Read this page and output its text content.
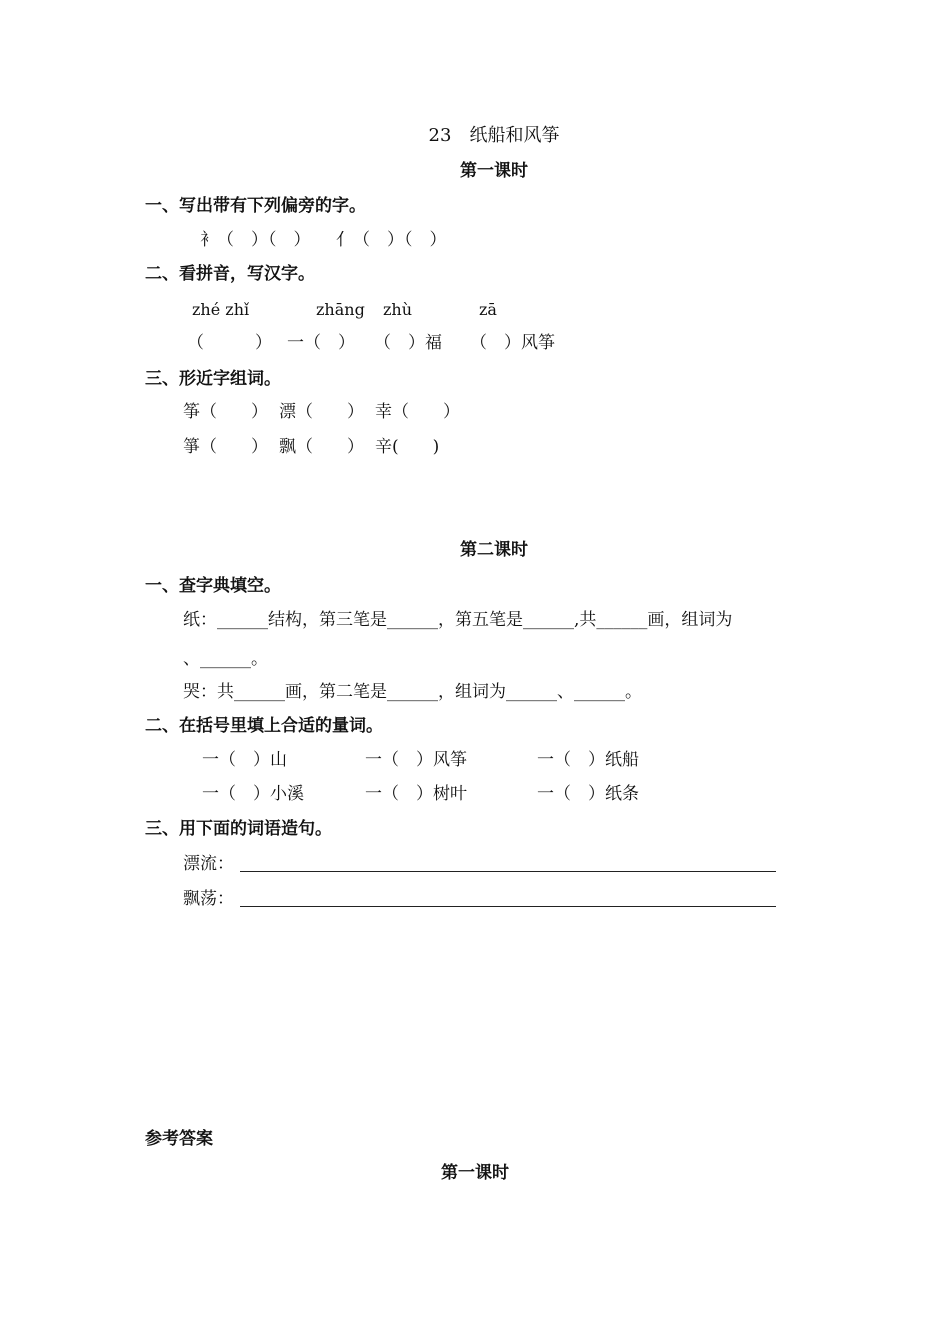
23　纸船和风筝
第一课时
一、写出带有下列偏旁的字。
衤（　）（　）　　亻（　）（　）
二、看拼音，写汉字。
zhé zhǐ	zhāng zhù	zā
（　　　） 一（　） （　）福 （　）风筝
三、形近字组词。
筝（　　） 漂（　　） 幸（　　）
箏（　　） 飘（　　） 辛(　　)
第二课时
一、查字典填空。
纸：______结构，第三笔是______，第五笔是______,共______画，组词为
、______。
哭：共______画，第二笔是______，组词为______、______。
二、在括号里填上合适的量词。
一（　）山	一（　）风筝	一（　）纸船
一（　）小溪	一（　）树叶	一（　）纸条
三、用下面的词语造句。
漂流：
飘荡：
参考答案
第一课时
